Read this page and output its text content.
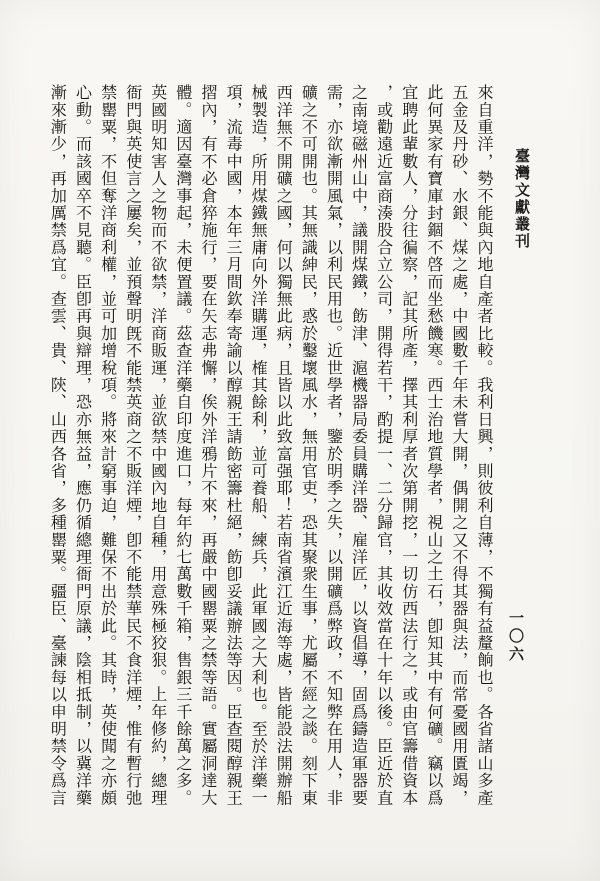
臺灣文獻叢刊
一〇六
來自重洋，勢不能與內地自產者比較。我利日興，則彼利自薄，不獨有益釐餉也。各省諸山多產
五金及丹砂、水銀、煤之處，中國數千年未嘗大開，偶開之又不得其器與法，而常憂國用匱竭，
此何異家有寶庫封錮不啓而坐愁饑寒。西士治地質學者，視山之土石，卽知其中有何礦。竊以爲
宜聘此輩數人，分往徧察，記其所產，擇其利厚者次第開挖，一切仿西法行之，或由官籌借資本
，或勸遠近富商湊股合立公司，開得若干，酌提一、二分歸官，其收效當在十年以後。臣近於直
之南境磁州山中，議開煤鐵，飭津、滬機器局委員購洋器、雇洋匠，以資倡導，固爲鑄造軍器要
需，亦欲漸開風氣，以利民用也。近世學者，鑒於明季之失，以開礦爲弊政，不知弊在用人，非
礦之不可開也。其無識紳民，惑於鑿壞風水，無用官吏，恐其聚衆生事，尤屬不經之談。刻下東
西洋無不開礦之國，何以獨無此病，且皆以此致富强耶！若南省濱江近海等處，皆能設法開辦船
械製造，所用煤鐵無庸向外洋購運，榷其餘利，並可養船、練兵，此軍國之大利也。至於洋藥一
項，流毒中國，本年三月間欽奉寄諭以醇親王請飭密籌杜絕，飭卽妥議辦法等因。臣查閱醇親王
摺內，有不必倉猝施行，要在矢志弗懈，俟外洋鴉片不來，再嚴中國罌粟之禁等語。實屬洞達大
體。適因臺灣事起，未便置議。茲查洋藥自印度進口，每年約七萬數千箱，售銀三千餘萬之多。
英國明知害人之物而不欲禁，洋商販運，並欲禁中國內地自種，用意殊極狡狠。上年修約，總理
衙門與英使言之屢矣，並預聲明旣不能禁英商之不販洋煙，卽不能禁華民不食洋煙，惟有暫行弛
禁罌粟，不但奪洋商利權，並可加增稅項。將來計窮事迫，難保不出於此。其時，英使聞之亦頗
心動。而該國卒不見聽。臣卽再與辯理，恐亦無益，應仍循總理衙門原議，陰相抵制，以冀洋藥
漸來漸少，再加厲禁爲宜。查雲、貴、陝、山西各省，多種罌粟。疆臣、臺諫每以申明禁令爲言
